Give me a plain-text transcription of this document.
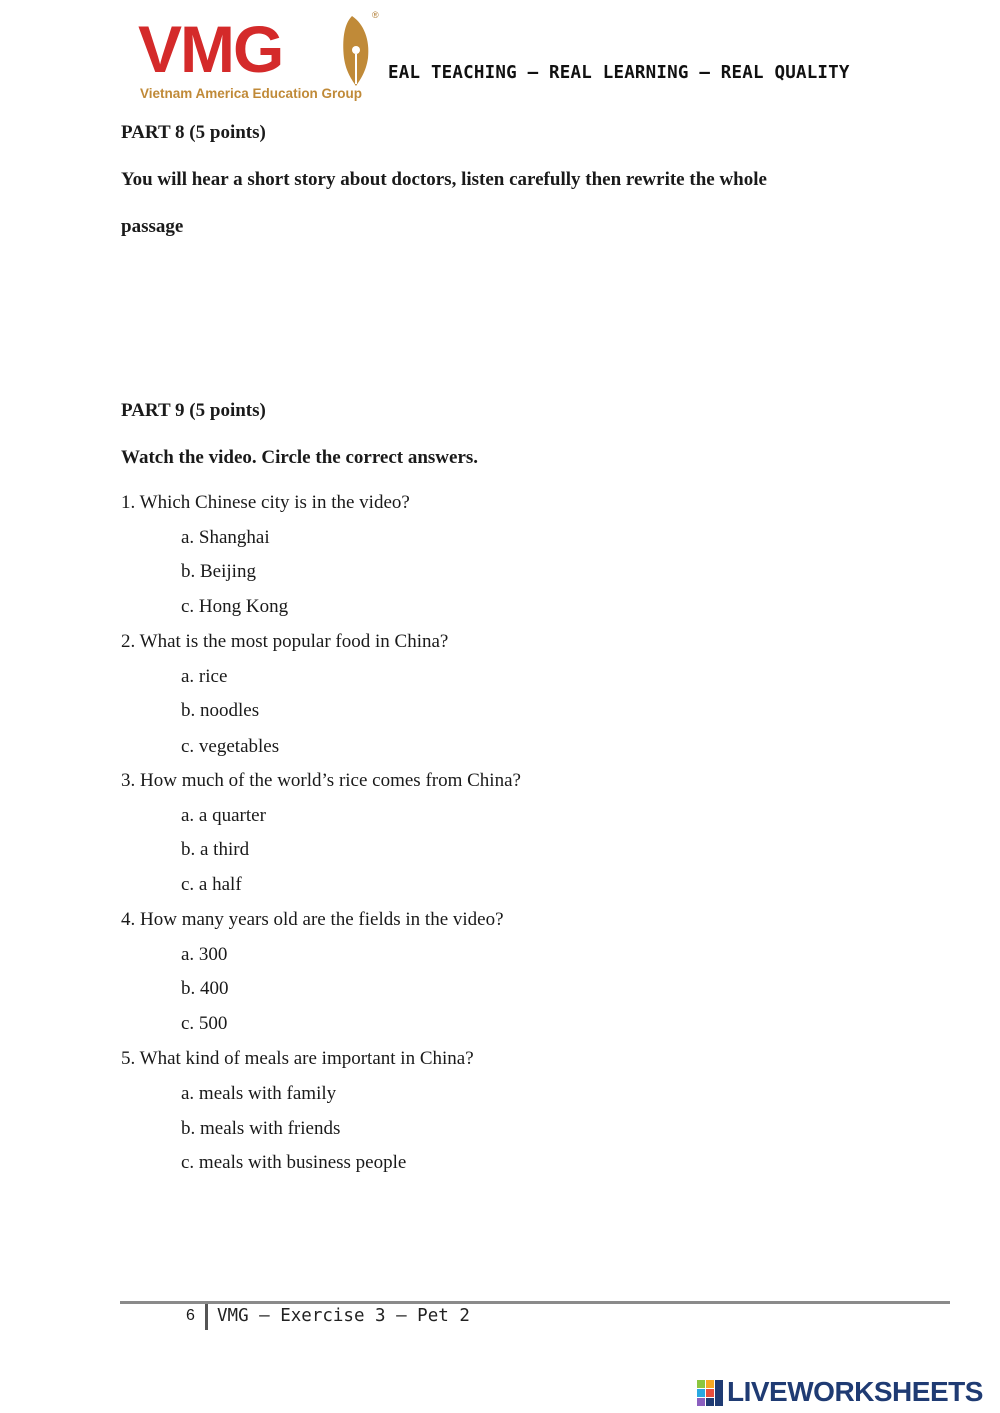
VMG	®
Vietnam America Education Group
EAL TEACHING – REAL LEARNING – REAL QUALITY
PART 8 (5 points)
You will hear a short story about doctors, listen carefully then rewrite the whole
passage
PART 9 (5 points)
Watch the video. Circle the correct answers.
1. Which Chinese city is in the video?
a. Shanghai
b. Beijing
c. Hong Kong
2. What is the most popular food in China?
a. rice
b. noodles
c. vegetables
3. How much of the world’s rice comes from China?
a. a quarter
b. a third
c. a half
4. How many years old are the fields in the video?
a. 300
b. 400
c. 500
5. What kind of meals are important in China?
a. meals with family
b. meals with friends
c. meals with business people
6 VMG – Exercise 3 – Pet 2
LIVEWORKSHEETS
